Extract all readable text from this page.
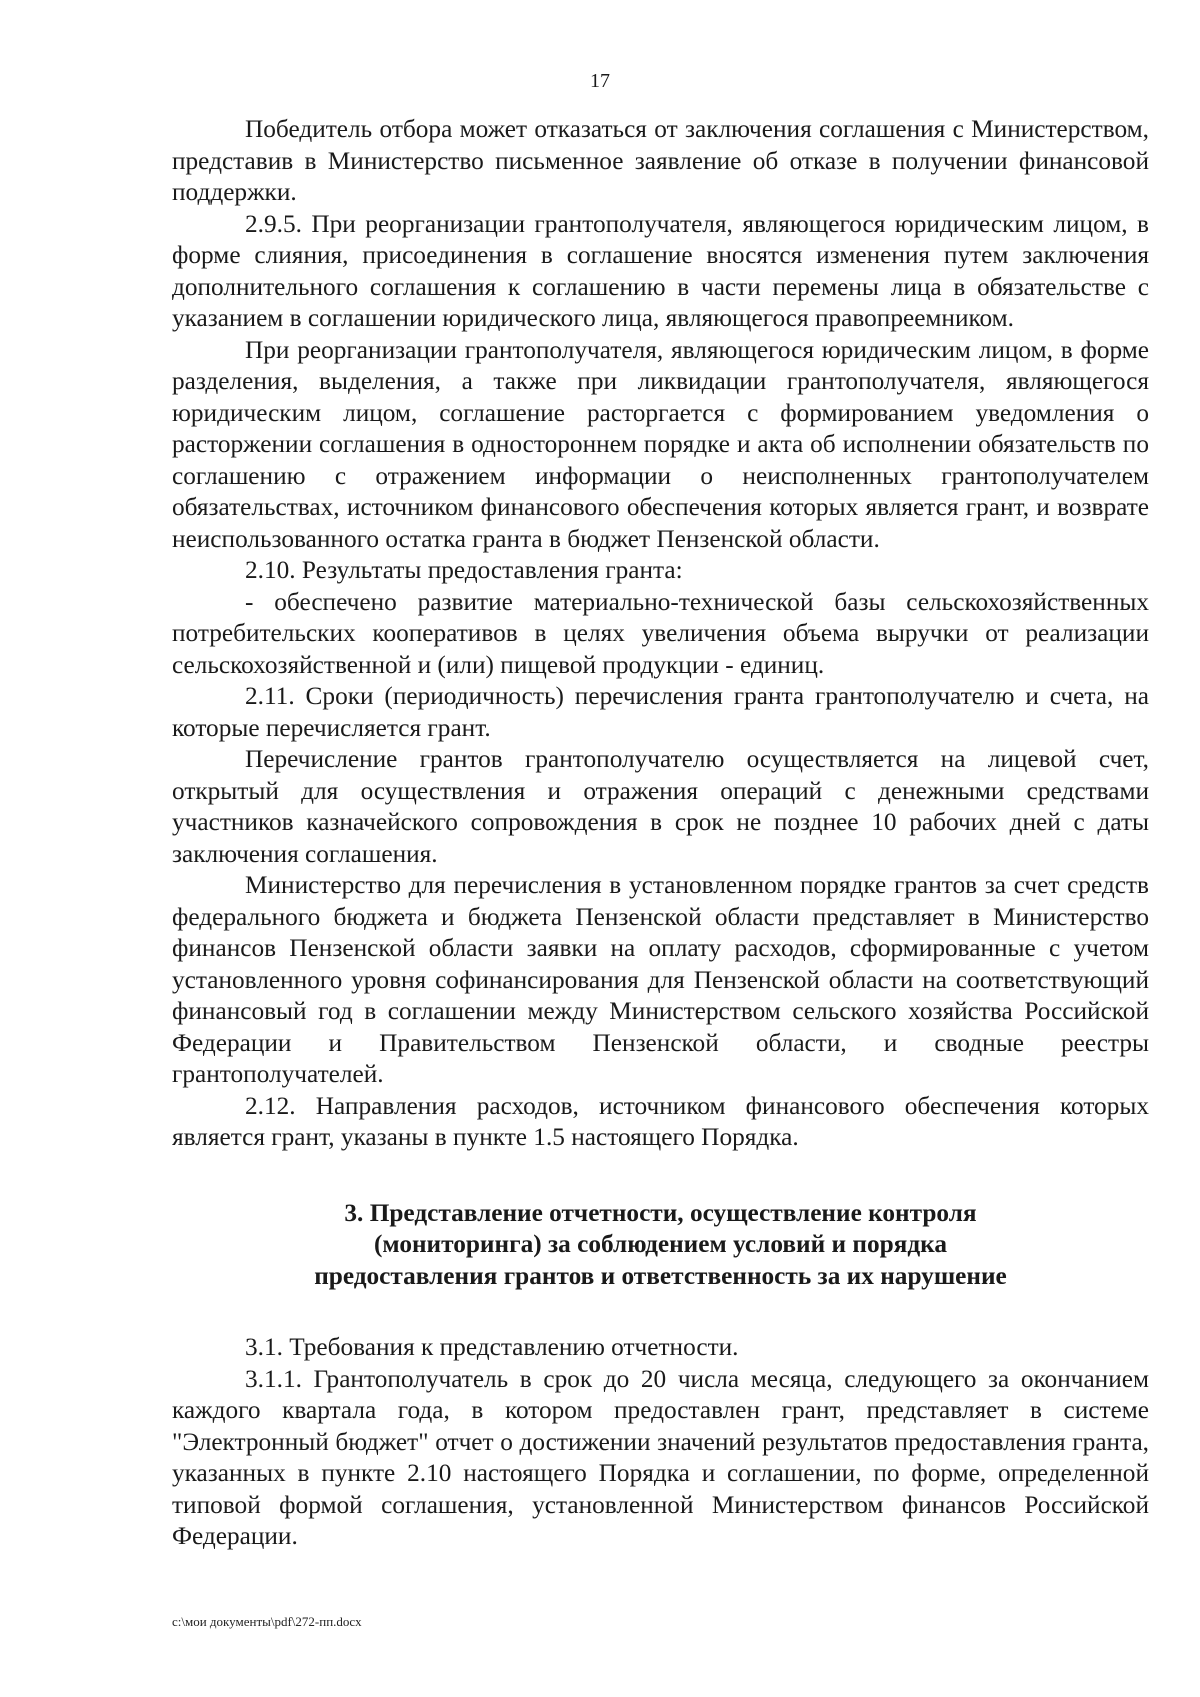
17

Победитель отбора может отказаться от заключения соглашения с Министерством, представив в Министерство письменное заявление об отказе в получении финансовой поддержки.

2.9.5. При реорганизации грантополучателя, являющегося юридическим лицом, в форме слияния, присоединения в соглашение вносятся изменения путем заключения дополнительного соглашения к соглашению в части перемены лица в обязательстве с указанием в соглашении юридического лица, являющегося правопреемником.

При реорганизации грантополучателя, являющегося юридическим лицом, в форме разделения, выделения, а также при ликвидации грантополучателя, являющегося юридическим лицом, соглашение расторгается с формированием уведомления о расторжении соглашения в одностороннем порядке и акта об исполнении обязательств по соглашению с отражением информации о неисполненных грантополучателем обязательствах, источником финансового обеспечения которых является грант, и возврате неиспользованного остатка гранта в бюджет Пензенской области.

2.10. Результаты предоставления гранта:

- обеспечено развитие материально-технической базы сельскохозяйственных потребительских кооперативов в целях увеличения объема выручки от реализации сельскохозяйственной и (или) пищевой продукции - единиц.

2.11. Сроки (периодичность) перечисления гранта грантополучателю и счета, на которые перечисляется грант.

Перечисление грантов грантополучателю осуществляется на лицевой счет, открытый для осуществления и отражения операций с денежными средствами участников казначейского сопровождения в срок не позднее 10 рабочих дней с даты заключения соглашения.

Министерство для перечисления в установленном порядке грантов за счет средств федерального бюджета и бюджета Пензенской области представляет в Министерство финансов Пензенской области заявки на оплату расходов, сформированные с учетом установленного уровня софинансирования для Пензенской области на соответствующий финансовый год в соглашении между Министерством сельского хозяйства Российской Федерации и Правительством Пензенской области, и сводные реестры грантополучателей.

2.12. Направления расходов, источником финансового обеспечения которых является грант, указаны в пункте 1.5 настоящего Порядка.

3. Представление отчетности, осуществление контроля
(мониторинга) за соблюдением условий и порядка
предоставления грантов и ответственность за их нарушение

3.1. Требования к представлению отчетности.

3.1.1. Грантополучатель в срок до 20 числа месяца, следующего за окончанием каждого квартала года, в котором предоставлен грант, представляет в системе "Электронный бюджет" отчет о достижении значений результатов предоставления гранта, указанных в пункте 2.10 настоящего Порядка и соглашении, по форме, определенной типовой формой соглашения, установленной Министерством финансов Российской Федерации.

c:\мои документы\pdf\272-пп.docx
